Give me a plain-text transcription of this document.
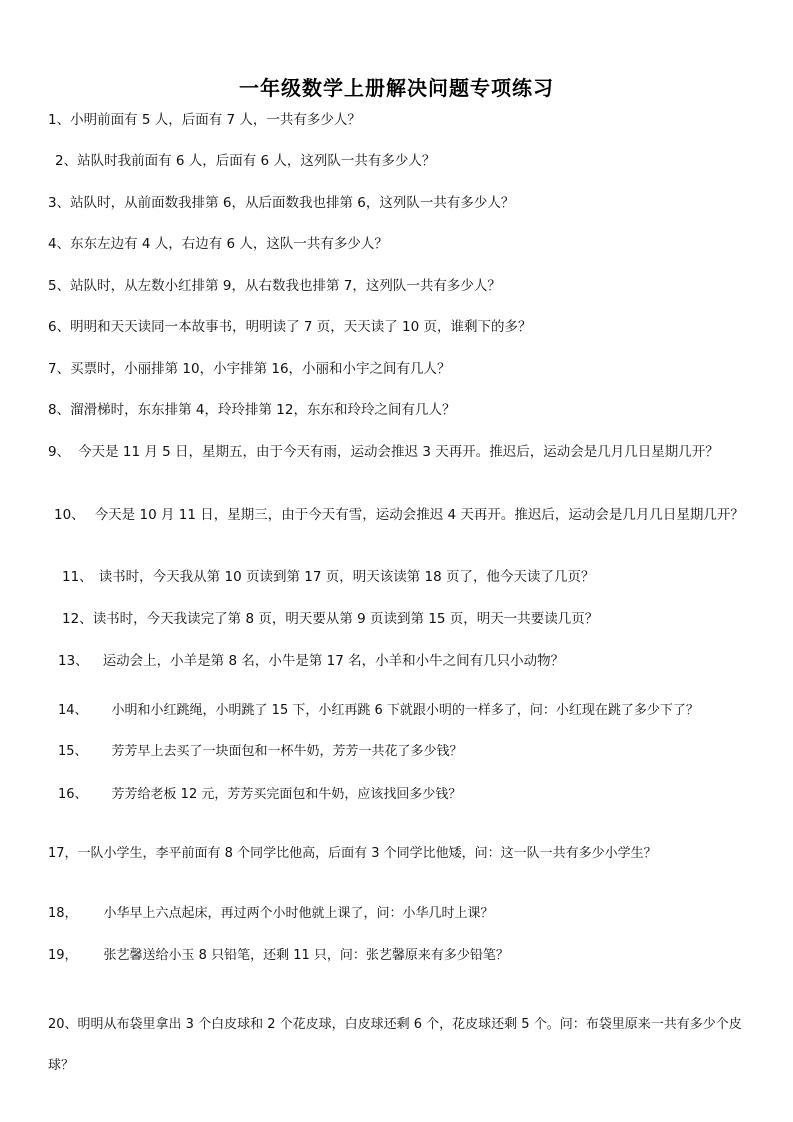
一年级数学上册解决问题专项练习
1、小明前面有 5 人，后面有 7 人，一共有多少人？
2、站队时我前面有 6 人，后面有 6 人，这列队一共有多少人？
3、站队时，从前面数我排第 6，从后面数我也排第 6，这列队一共有多少人？
4、东东左边有 4 人，右边有 6 人，这队一共有多少人？
5、站队时，从左数小红排第 9，从右数我也排第 7，这列队一共有多少人？
6、明明和天天读同一本故事书，明明读了 7 页，天天读了 10 页，谁剩下的多？
7、买票时，小丽排第 10，小宇排第 16，小丽和小宇之间有几人？
8、溜滑梯时，东东排第 4，玲玲排第 12，东东和玲玲之间有几人？
9、 今天是 11 月 5 日，星期五，由于今天有雨，运动会推迟 3 天再开。推迟后，运动会是几月几日星期几开？
10、 今天是 10 月 11 日，星期三，由于今天有雪，运动会推迟 4 天再开。推迟后，运动会是几月几日星期几开？
11、 读书时，今天我从第 10 页读到第 17 页，明天该读第 18 页了，他今天读了几页？
12、读书时，今天我读完了第 8 页，明天要从第 9 页读到第 15 页，明天一共要读几页？
13、 运动会上，小羊是第 8 名，小牛是第 17 名，小羊和小牛之间有几只小动物？
14、 小明和小红跳绳，小明跳了 15 下，小红再跳 6 下就跟小明的一样多了，问：小红现在跳了多少下了？
15、 芳芳早上去买了一块面包和一杯牛奶，芳芳一共花了多少钱？
16、 芳芳给老板 12 元，芳芳买完面包和牛奶，应该找回多少钱？
17，一队小学生，李平前面有 8 个同学比他高，后面有 3 个同学比他矮，问：这一队一共有多少小学生？
18， 小华早上六点起床，再过两个小时他就上课了，问：小华几时上课？
19， 张艺馨送给小玉 8 只铅笔，还剩 11 只，问：张艺馨原来有多少铅笔？
20、明明从布袋里拿出 3 个白皮球和 2 个花皮球，白皮球还剩 6 个，花皮球还剩 5 个。问：布袋里原来一共有多少个皮球？
